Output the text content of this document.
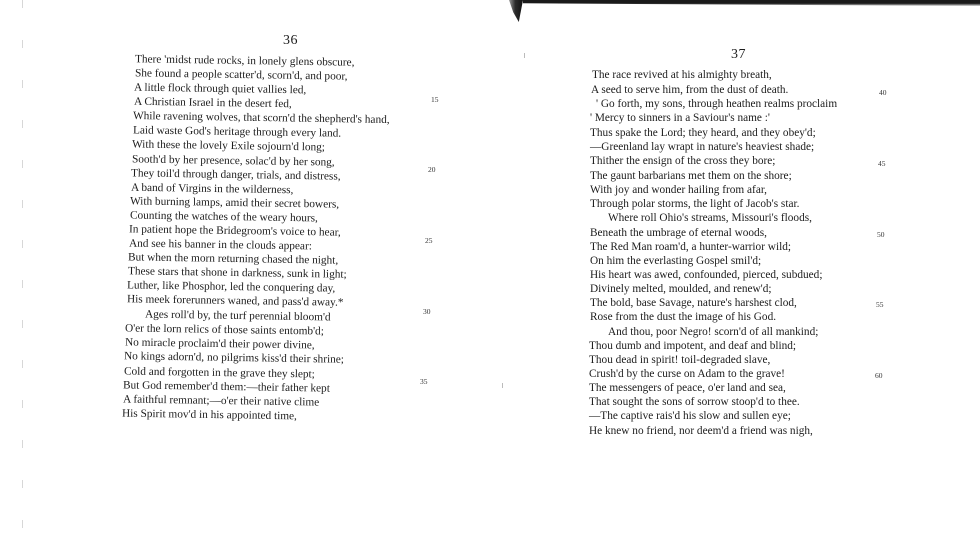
36
There 'midst rude rocks, in lonely glens obscure,
She found a people scatter'd, scorn'd, and poor,
A little flock through quiet vallies led,
A Christian Israel in the desert fed,
While ravening wolves, that scorn'd the shepherd's hand,
Laid waste God's heritage through every land.
With these the lovely Exile sojourn'd long;
Sooth'd by her presence, solac'd by her song,
They toil'd through danger, trials, and distress,
A band of Virgins in the wilderness,
With burning lamps, amid their secret bowers,
Counting the watches of the weary hours,
In patient hope the Bridegroom's voice to hear,
And see his banner in the clouds appear:
But when the morn returning chased the night,
These stars that shone in darkness, sunk in light;
Luther, like Phosphor, led the conquering day,
His meek forerunners waned, and pass'd away.*
Ages roll'd by, the turf perennial bloom'd
O'er the lorn relics of those saints entomb'd;
No miracle proclaim'd their power divine,
No kings adorn'd, no pilgrims kiss'd their shrine;
Cold and forgotten in the grave they slept;
But God remember'd them:—their father kept
A faithful remnant;—o'er their native clime
His Spirit mov'd in his appointed time,
15
20
25
30
35
37
The race revived at his almighty breath,
A seed to serve him, from the dust of death.
' Go forth, my sons, through heathen realms proclaim
' Mercy to sinners in a Saviour's name :'
Thus spake the Lord; they heard, and they obey'd;
—Greenland lay wrapt in nature's heaviest shade;
Thither the ensign of the cross they bore;
The gaunt barbarians met them on the shore;
With joy and wonder hailing from afar,
Through polar storms, the light of Jacob's star.
Where roll Ohio's streams, Missouri's floods,
Beneath the umbrage of eternal woods,
The Red Man roam'd, a hunter-warrior wild;
On him the everlasting Gospel smil'd;
His heart was awed, confounded, pierced, subdued;
Divinely melted, moulded, and renew'd;
The bold, base Savage, nature's harshest clod,
Rose from the dust the image of his God.
And thou, poor Negro! scorn'd of all mankind;
Thou dumb and impotent, and deaf and blind;
Thou dead in spirit! toil-degraded slave,
Crush'd by the curse on Adam to the grave!
The messengers of peace, o'er land and sea,
That sought the sons of sorrow stoop'd to thee.
—The captive rais'd his slow and sullen eye;
He knew no friend, nor deem'd a friend was nigh,
40
45
50
55
60
